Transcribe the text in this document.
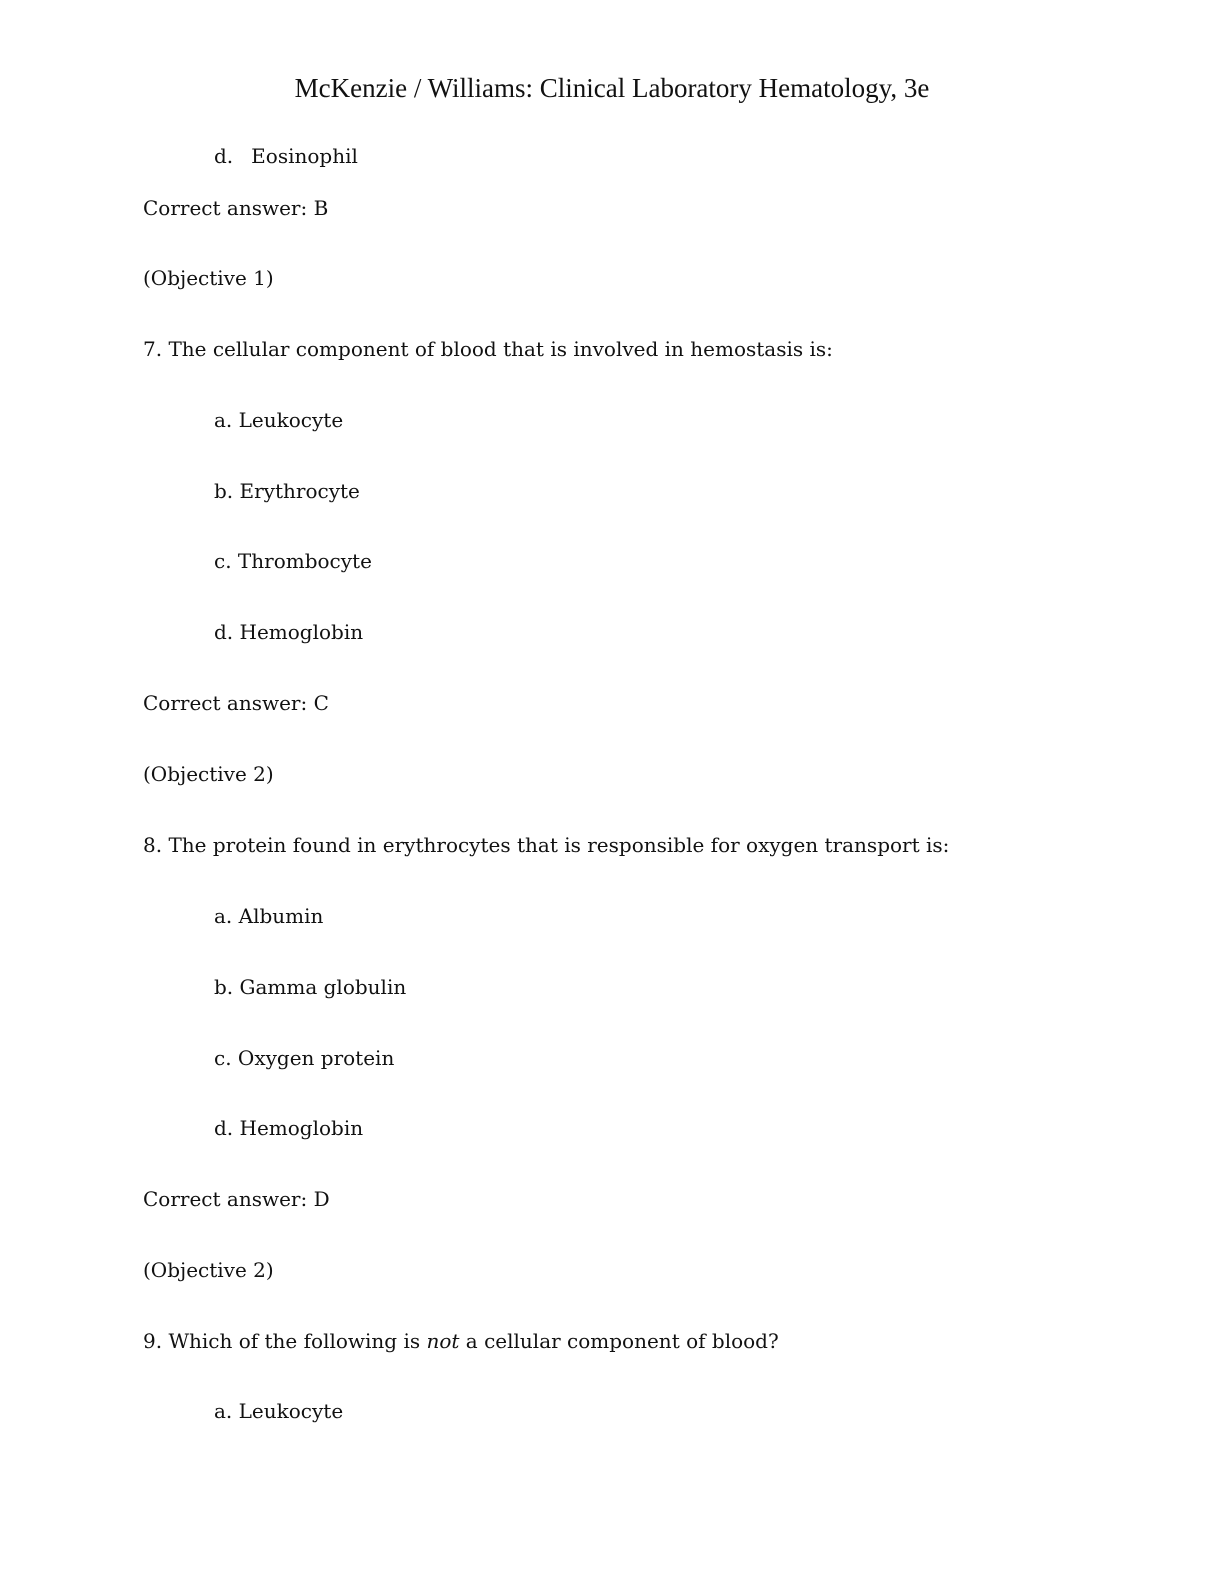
McKenzie / Williams: Clinical Laboratory Hematology, 3e
d. Eosinophil
Correct answer: B
(Objective 1)
7. The cellular component of blood that is involved in hemostasis is:
a. Leukocyte
b. Erythrocyte
c. Thrombocyte
d. Hemoglobin
Correct answer: C
(Objective 2)
8. The protein found in erythrocytes that is responsible for oxygen transport is:
a. Albumin
b. Gamma globulin
c. Oxygen protein
d. Hemoglobin
Correct answer: D
(Objective 2)
9. Which of the following is not a cellular component of blood?
a. Leukocyte
